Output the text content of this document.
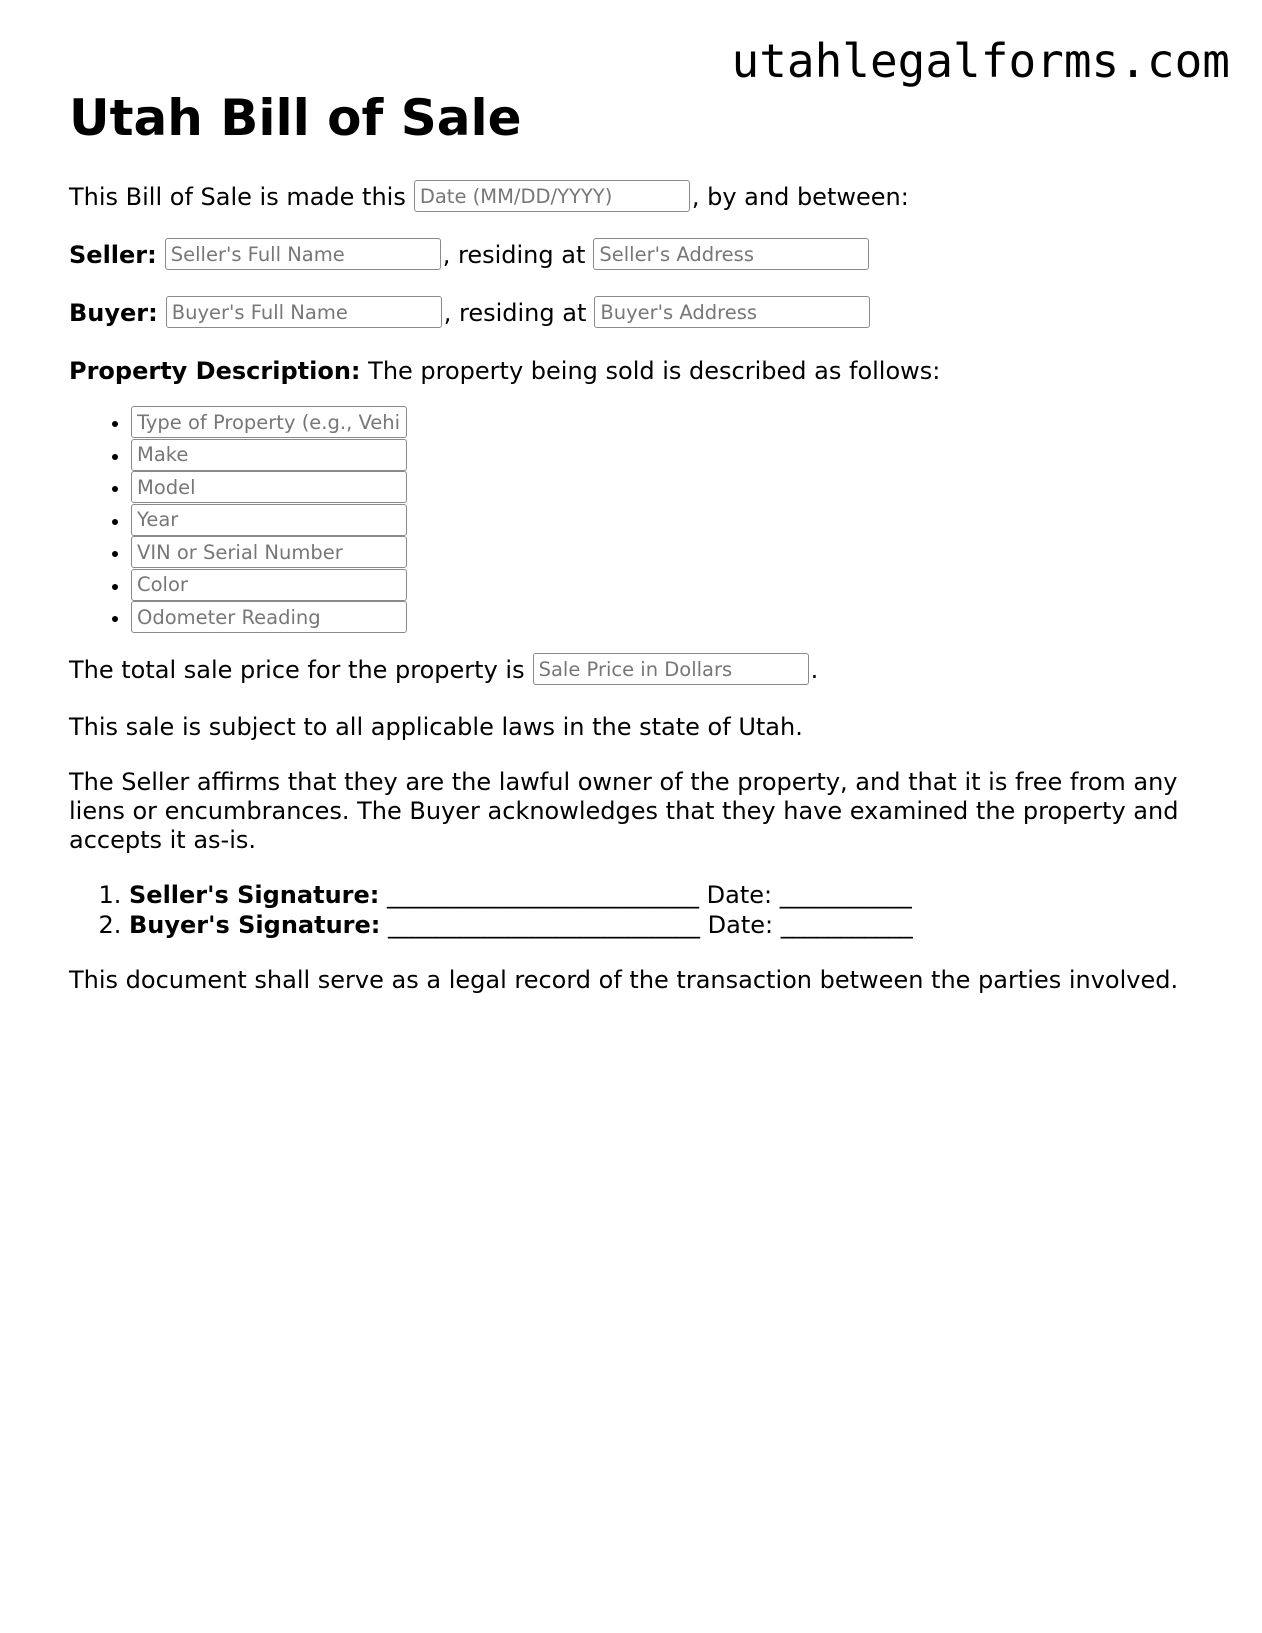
utahlegalforms.com
Utah Bill of Sale
This Bill of Sale is made thisDate (MM/DD/YYYY)	, by and between:
Seller:Seller's Full Name	, residing atSeller's Address
Buyer:Buyer's Full Name	, residing atBuyer's Address
Property Description: The property being sold is described as follows:
• Type of Property (e.g., Vehicle, Boat, Equipment)
• Make
• Model
• Year
• VIN or Serial Number
• Color
• Odometer Reading
The total sale price for the property isSale Price in Dollars	.

This sale is subject to all applicable laws in the state of Utah.

The Seller affirms that they are the lawful owner of the property, and that it is free from any liens or encumbrances. The Buyer acknowledges that they have examined the property and accepts it as-is.

1. Seller's Signature: __________________________ Date: ___________
2. Buyer's Signature: __________________________ Date: ___________

This document shall serve as a legal record of the transaction between the parties involved.
